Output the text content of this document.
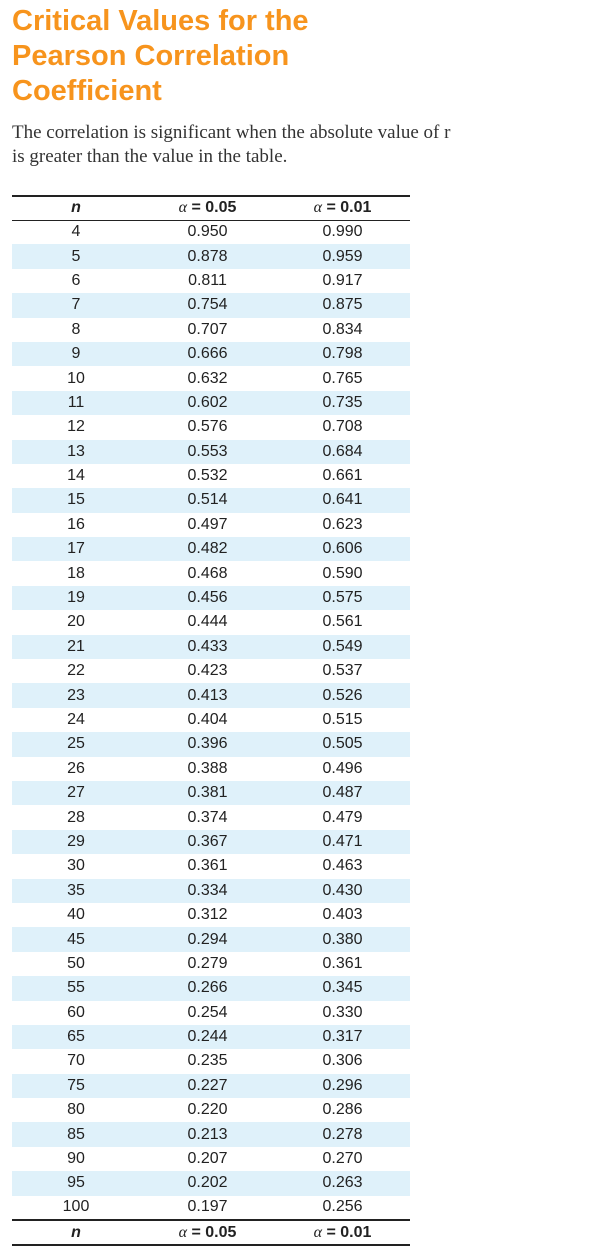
Critical Values for the
Pearson Correlation
Coefficient

The correlation is significant when the absolute value of r
is greater than the value in the table.

n	α = 0.05	α = 0.01
4	0.950	0.990
5	0.878	0.959
6	0.811	0.917
7	0.754	0.875
8	0.707	0.834
9	0.666	0.798
10	0.632	0.765
11	0.602	0.735
12	0.576	0.708
13	0.553	0.684
14	0.532	0.661
15	0.514	0.641
16	0.497	0.623
17	0.482	0.606
18	0.468	0.590
19	0.456	0.575
20	0.444	0.561
21	0.433	0.549
22	0.423	0.537
23	0.413	0.526
24	0.404	0.515
25	0.396	0.505
26	0.388	0.496
27	0.381	0.487
28	0.374	0.479
29	0.367	0.471
30	0.361	0.463
35	0.334	0.430
40	0.312	0.403
45	0.294	0.380
50	0.279	0.361
55	0.266	0.345
60	0.254	0.330
65	0.244	0.317
70	0.235	0.306
75	0.227	0.296
80	0.220	0.286
85	0.213	0.278
90	0.207	0.270
95	0.202	0.263
100	0.197	0.256
n	α = 0.05	α = 0.01
